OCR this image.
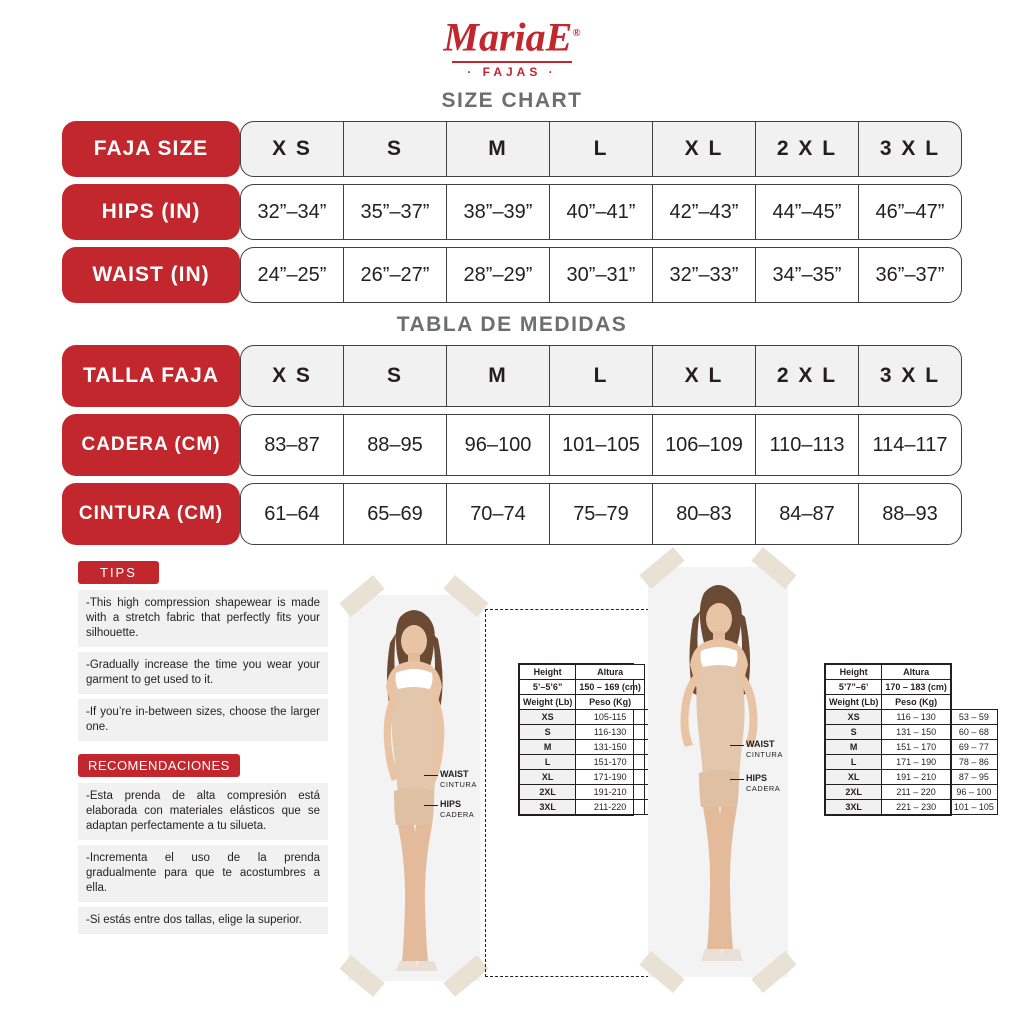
MariaE®
· FAJAS ·
SIZE CHART
FAJA SIZE	X S	S	M	L	X L	2 X L	3 X L
HIPS (IN)	32”–34”	35”–37”	38”–39”	40”–41”	42”–43”	44”–45”	46”–47”
WAIST (IN)	24”–25”	26”–27”	28”–29”	30”–31”	32”–33”	34”–35”	36”–37”
TABLA DE MEDIDAS
TALLA FAJA	X S	S	M	L	X L	2 X L	3 X L
CADERA (CM)	83–87	88–95	96–100	101–105	106–109	110–113	114–117
CINTURA (CM)	61–64	65–69	70–74	75–79	80–83	84–87	88–93
TIPS
-This high compression shapewear is made with a stretch fabric that perfectly fits your silhouette.
-Gradually increase the time you wear your garment to get used to it.
-If you’re in-between sizes, choose the larger one.
RECOMENDACIONES
-Esta prenda de alta compresión está elaborada con materiales elásticos que se adaptan perfectamente a tu silueta.
-Incrementa el uso de la prenda gradualmente para que te acostumbres a ella.
-Si estás entre dos tallas, elige la superior.
WAIST
CINTURA
HIPS
CADERA
Height	Altura	
5’–5’6”	150 – 169 (cm)	
Weight (Lb)	Peso (Kg)	
XS	105-115	
S	116-130	
M	131-150	
L	151-170	
XL	171-190	
2XL	191-210	
3XL	211-220	
WAIST
CINTURA
HIPS
CADERA
Height	Altura	
5’7”–6’	170 – 183 (cm)	
Weight (Lb)	Peso (Kg)	
XS	116 – 130	53 – 59
S	131 – 150	60 – 68
M	151 – 170	69 – 77
L	171 – 190	78 – 86
XL	191 – 210	87 – 95
2XL	211 – 220	96 – 100
3XL	221 – 230	101 – 105
